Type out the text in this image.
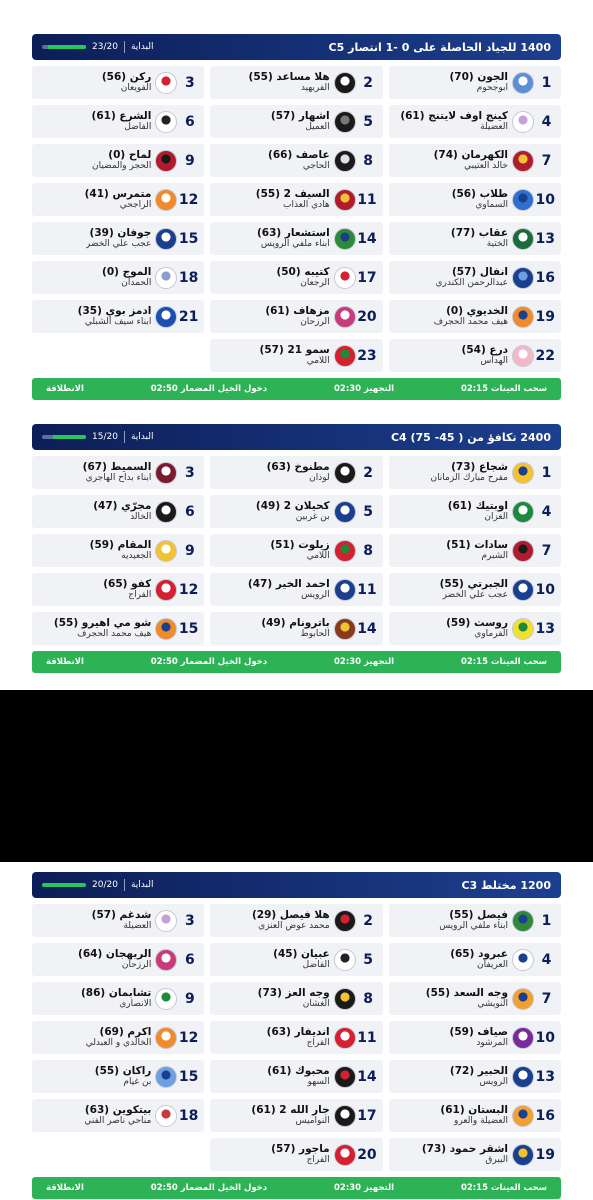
البداية
23/20	1400 للجياد الحاصلة على 0 -1 انتصار C5
1
الجون (70)
ابوجحوم
2
هلا مساعد (55)
الفريهيد
3
ركن (56)
الفويعان
4
كينج اوف لايتنج (61)
العضيلة
5
اشهار (57)
العميل
6
الشرع (61)
الفاضل
7
الكهرمان (74)
خالد العتيبي
8
عاصف (66)
الحاجي
9
لماح (0)
الحجر والمضيان
10
طلاب (56)
السماوي
11
السيف 2 (55)
هادي العذاب
12
متمرس (41)
الراجحي
13
عقاب (77)
الختية
14
استشعار (63)
ابناء ملفي الرويس
15
جوفان (39)
عجب علي الخضر
16
انفال (57)
عبدالرحمن الكندري
17
كتيبه (50)
الرجعان
18
الموج (0)
الحمدان
19
الخديوي (0)
هيف محمد الحجرف
20
مزهاف (61)
الرزحان
21
ادمز بوي (35)
ابناء سيف الشبلي
22
درع (54)
الهداس
23
سمو 21 (57)
اللامي
سحب العينات 02:15
التجهيز 02:30
دخول الخيل المضمار 02:50
الانطلاقة
البداية
15/20	2400 تكافؤ من ( 45- 75) C4
1
شجاع (73)
مفرح مبارك الزمانان
2
مطنوخ (63)
لوذان
3
السميط (67)
ابناء بداح الهاجري
4
اوبتيك (61)
الغزان
5
كحيلان 2 (49)
بن غربين
6
مجرّي (47)
الخالد
7
سادات (51)
الشبرم
8
زيلوت (51)
اللامي
9
المقام (59)
الجعيديه
10
الجبرتي (55)
عجب علي الخضر
11
احمد الخير (47)
الرويس
12
كفو (65)
الفراج
13
روست (59)
الفرماوي
14
باترونام (49)
الحابوط
15
شو مي اهيرو (55)
هيف محمد الحجرف
سحب العينات 02:15
التجهيز 02:30
دخول الخيل المضمار 02:50
الانطلاقة
البداية
20/20	1200 مختلط C3
1
فيصل (55)
ابناء ملفي الرويس
2
هلا فيصل (29)
محمد عوض العنزي
3
شدغم (57)
العضيلة
4
عبرود (65)
العريفان
5
عبيان (45)
الفاضل
6
الريهجان (64)
الرزحان
7
وجه السعد (55)
النويشي
8
وجه العز (73)
الغشان
9
تشابمان (86)
الانصاري
10
صياف (59)
المرشود
11
انديفار (63)
الفراج
12
اكرم (69)
الخالدي و العبدلي
13
الحبير (72)
الرويس
14
محبوك (61)
السهو
15
راكان (55)
بن غيام
16
البستان (61)
العضيلة والعرو
17
جار الله 2 (61)
النواميس
18
بيتكوين (63)
مناحي ناصر الفني
19
اشقر حمود (73)
البيرق
20
ماجور (57)
الفراج
سحب العينات 02:15
التجهيز 02:30
دخول الخيل المضمار 02:50
الانطلاقة
